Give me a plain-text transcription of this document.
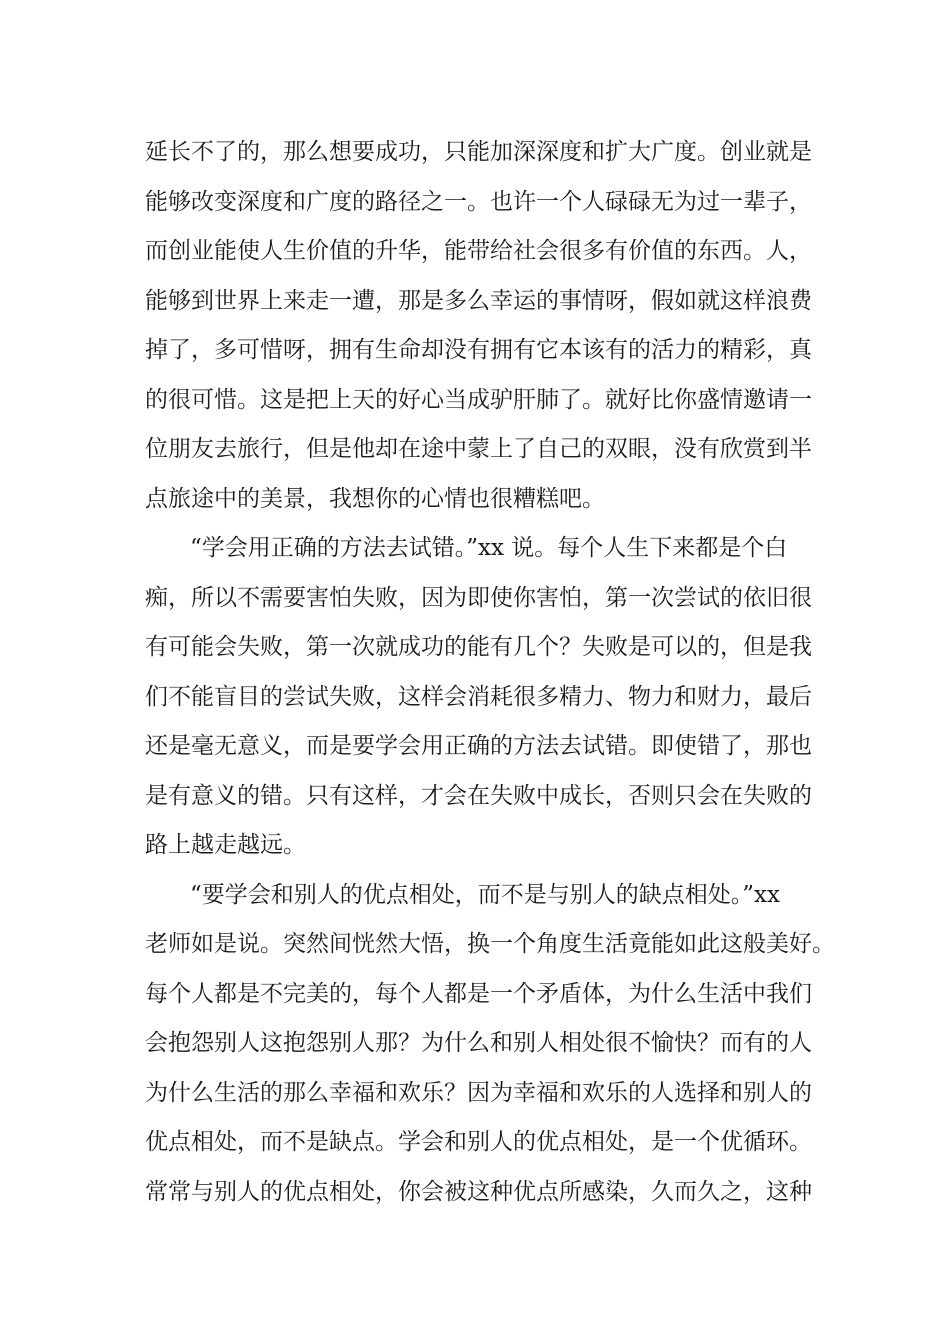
延长不了的，那么想要成功，只能加深深度和扩大广度。创业就是
能够改变深度和广度的路径之一。也许一个人碌碌无为过一辈子，
而创业能使人生价值的升华，能带给社会很多有价值的东西。人，
能够到世界上来走一遭，那是多么幸运的事情呀，假如就这样浪费
掉了，多可惜呀，拥有生命却没有拥有它本该有的活力的精彩，真
的很可惜。这是把上天的好心当成驴肝肺了。就好比你盛情邀请一
位朋友去旅行，但是他却在途中蒙上了自己的双眼，没有欣赏到半
点旅途中的美景，我想你的心情也很糟糕吧。
“学会用正确的方法去试错。”xx 说。每个人生下来都是个白
痴，所以不需要害怕失败，因为即使你害怕，第一次尝试的依旧很
有可能会失败，第一次就成功的能有几个？失败是可以的，但是我
们不能盲目的尝试失败，这样会消耗很多精力、物力和财力，最后
还是毫无意义，而是要学会用正确的方法去试错。即使错了，那也
是有意义的错。只有这样，才会在失败中成长，否则只会在失败的
路上越走越远。
“要学会和别人的优点相处，而不是与别人的缺点相处。”xx
老师如是说。突然间恍然大悟，换一个角度生活竟能如此这般美好。
每个人都是不完美的，每个人都是一个矛盾体，为什么生活中我们
会抱怨别人这抱怨别人那？为什么和别人相处很不愉快？而有的人
为什么生活的那么幸福和欢乐？因为幸福和欢乐的人选择和别人的
优点相处，而不是缺点。学会和别人的优点相处，是一个优循环。
常常与别人的优点相处，你会被这种优点所感染，久而久之，这种
